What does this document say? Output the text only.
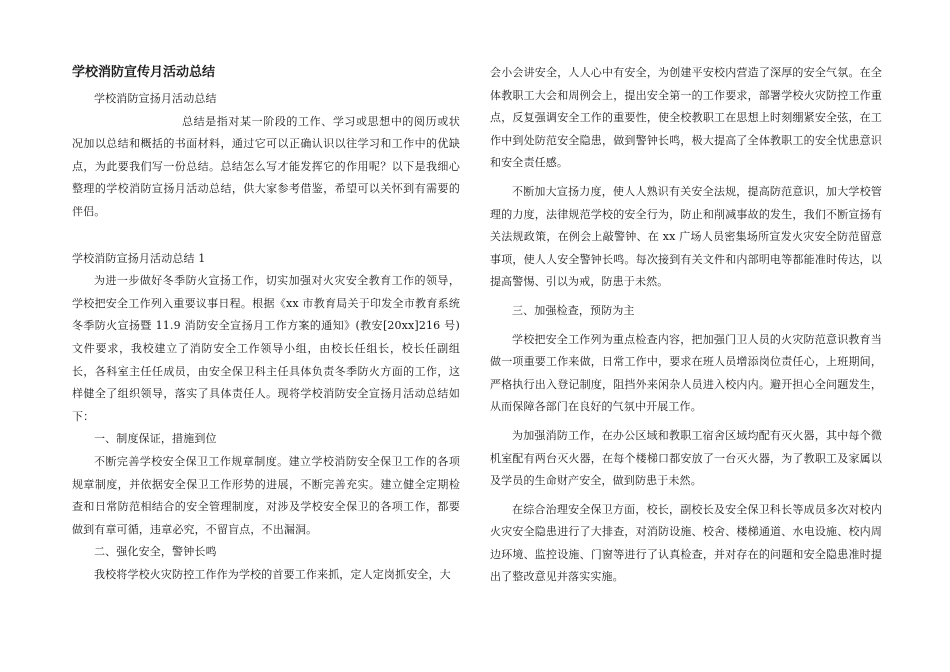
学校消防宣传月活动总结

学校消防宣扬月活动总结

总结是指对某一阶段的工作、学习或思想中的阅历或状况加以总结和概括的书面材料，通过它可以正确认识以往学习和工作中的优缺点，为此要我们写一份总结。总结怎么写才能发挥它的作用呢？以下是我细心整理的学校消防宣扬月活动总结，供大家参考借鉴，希望可以关怀到有需要的伴侣。

学校消防宣扬月活动总结 1

为进一步做好冬季防火宣扬工作，切实加强对火灾安全教育工作的领导，学校把安全工作列入重要议事日程。根据《xx 市教育局关于印发全市教育系统冬季防火宣扬暨 11.9 消防安全宣扬月工作方案的通知》(教安[20xx]216 号)文件要求，我校建立了消防安全工作领导小组，由校长任组长，校长任副组长，各科室主任任成员，由安全保卫科主任具体负责冬季防火方面的工作，这样健全了组织领导，落实了具体责任人。现将学校消防安全宣扬月活动总结如下：

一、制度保证，措施到位

不断完善学校安全保卫工作规章制度。建立学校消防安全保卫工作的各项规章制度，并依据安全保卫工作形势的进展，不断完善充实。建立健全定期检查和日常防范相结合的安全管理制度，对涉及学校安全保卫的各项工作，都要做到有章可循，违章必究，不留盲点，不出漏洞。

二、强化安全，警钟长鸣

我校将学校火灾防控工作作为学校的首要工作来抓，定人定岗抓安全，大

会小会讲安全，人人心中有安全，为创建平安校内营造了深厚的安全气氛。在全体教职工大会和周例会上，提出安全第一的工作要求，部署学校火灾防控工作重点，反复强调安全工作的重要性，使全校教职工在思想上时刻绷紧安全弦，在工作中到处防范安全隐患，做到警钟长鸣，极大提高了全体教职工的安全忧患意识和安全责任感。

不断加大宣扬力度，使人人熟识有关安全法规，提高防范意识，加大学校管理的力度，法律规范学校的安全行为，防止和削减事故的发生，我们不断宣扬有关法规政策，在例会上敲警钟、在 xx 广场人员密集场所宣发火灾安全防范留意事项，使人人安全警钟长鸣。每次接到有关文件和内部明电等都能准时传达，以提高警惕、引以为戒，防患于未然。

三、加强检查，预防为主

学校把安全工作列为重点检查内容，把加强门卫人员的火灾防范意识教育当做一项重要工作来做，日常工作中，要求在班人员增添岗位责任心，上班期间，严格执行出入登记制度，阻挡外来闲杂人员进入校内内。避开担心全问题发生，从而保障各部门在良好的气氛中开展工作。

为加强消防工作，在办公区域和教职工宿舍区域均配有灭火器，其中每个微机室配有两台灭火器，在每个楼梯口都安放了一台灭火器，为了教职工及家属以及学员的生命财产安全，做到防患于未然。

在综合治理安全保卫方面，校长，副校长及安全保卫科长等成员多次对校内火灾安全隐患进行了大排查，对消防设施、校舍、楼梯通道、水电设施、校内周边环境、监控设施、门窗等进行了认真检查，并对存在的问题和安全隐患准时提出了整改意见并落实实施。
